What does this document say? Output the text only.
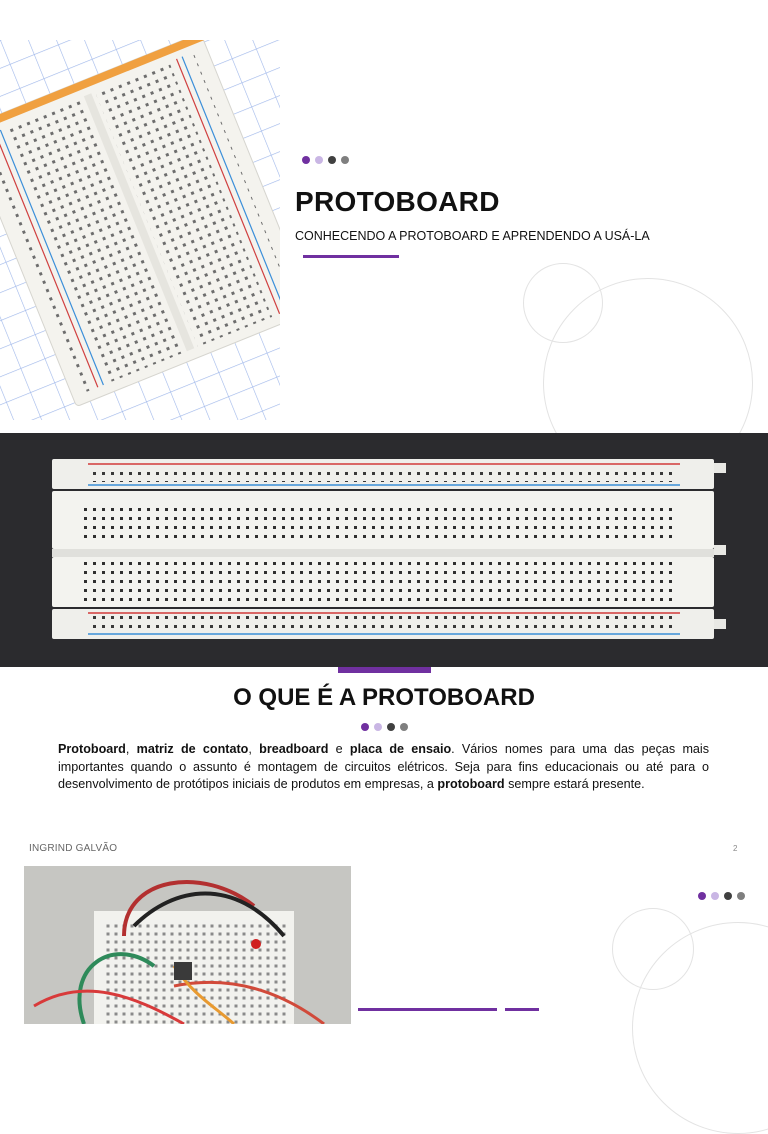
PROTOBOARD
CONHECENDO A PROTOBOARD E APRENDENDO A USÁ-LA
O QUE É A PROTOBOARD
Protoboard, matriz de contato, breadboard e placa de ensaio. Vários nomes para uma das peças mais importantes quando o assunto é montagem de circuitos elétricos. Seja para fins educacionais ou até para o desenvolvimento de protótipos iniciais de produtos em empresas, a protoboard sempre estará presente.
INGRIND GALVÃO	2
